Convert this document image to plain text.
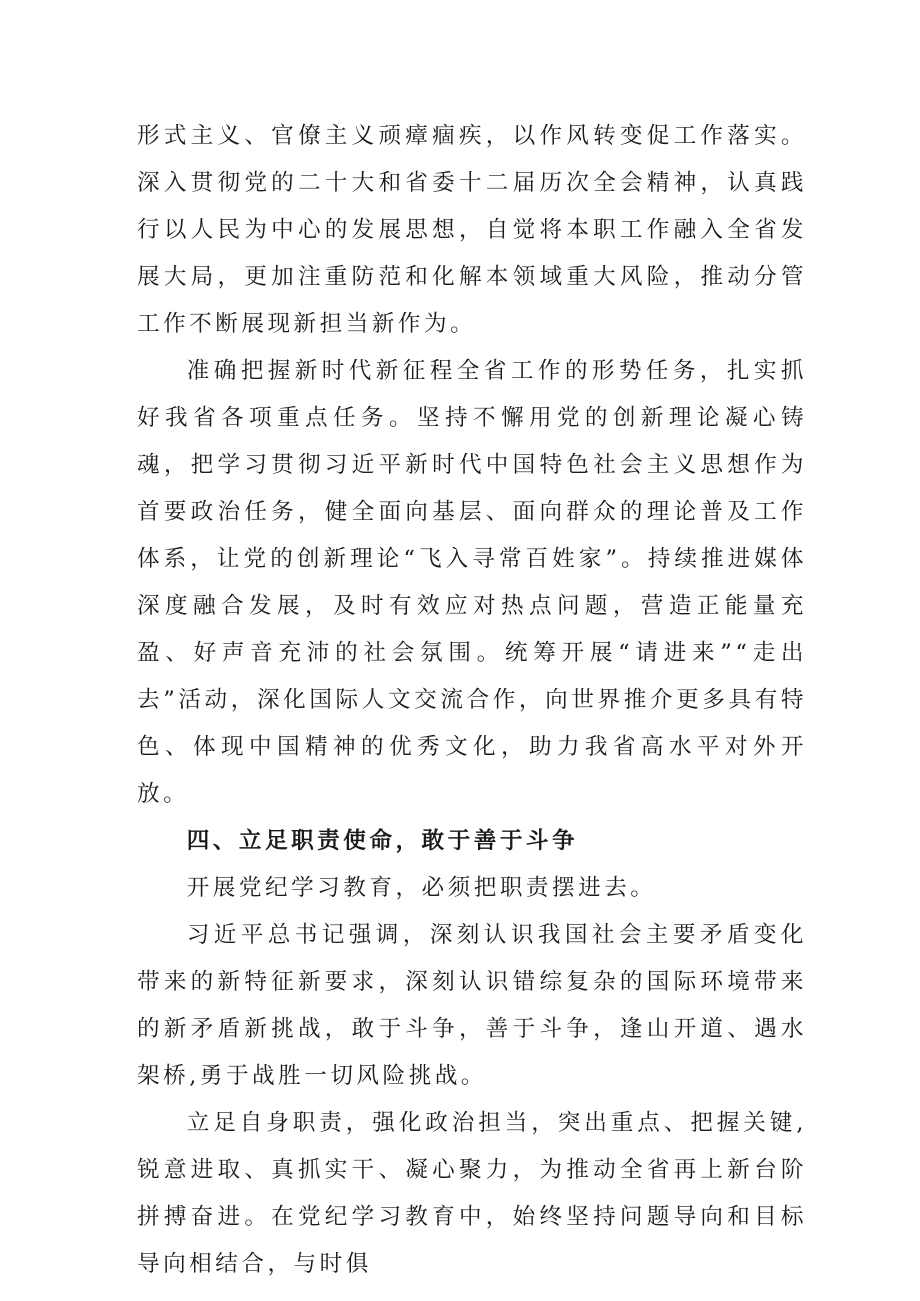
形式主义、官僚主义顽瘴痼疾，以作风转变促工作落实。深入贯彻党的二十大和省委十二届历次全会精神，认真践行以人民为中心的发展思想，自觉将本职工作融入全省发展大局，更加注重防范和化解本领域重大风险，推动分管工作不断展现新担当新作为。

准确把握新时代新征程全省工作的形势任务，扎实抓好我省各项重点任务。坚持不懈用党的创新理论凝心铸魂，把学习贯彻习近平新时代中国特色社会主义思想作为首要政治任务，健全面向基层、面向群众的理论普及工作体系，让党的创新理论“飞入寻常百姓家”。持续推进媒体深度融合发展，及时有效应对热点问题，营造正能量充盈、好声音充沛的社会氛围。统筹开展“请进来”“走出去”活动，深化国际人文交流合作，向世界推介更多具有特色、体现中国精神的优秀文化，助力我省高水平对外开放。

四、立足职责使命，敢于善于斗争

开展党纪学习教育，必须把职责摆进去。

习近平总书记强调，深刻认识我国社会主要矛盾变化带来的新特征新要求，深刻认识错综复杂的国际环境带来的新矛盾新挑战，敢于斗争，善于斗争，逢山开道、遇水架桥,勇于战胜一切风险挑战。

立足自身职责，强化政治担当，突出重点、把握关键,锐意进取、真抓实干、凝心聚力，为推动全省再上新台阶拼搏奋进。在党纪学习教育中，始终坚持问题导向和目标导向相结合，与时俱
